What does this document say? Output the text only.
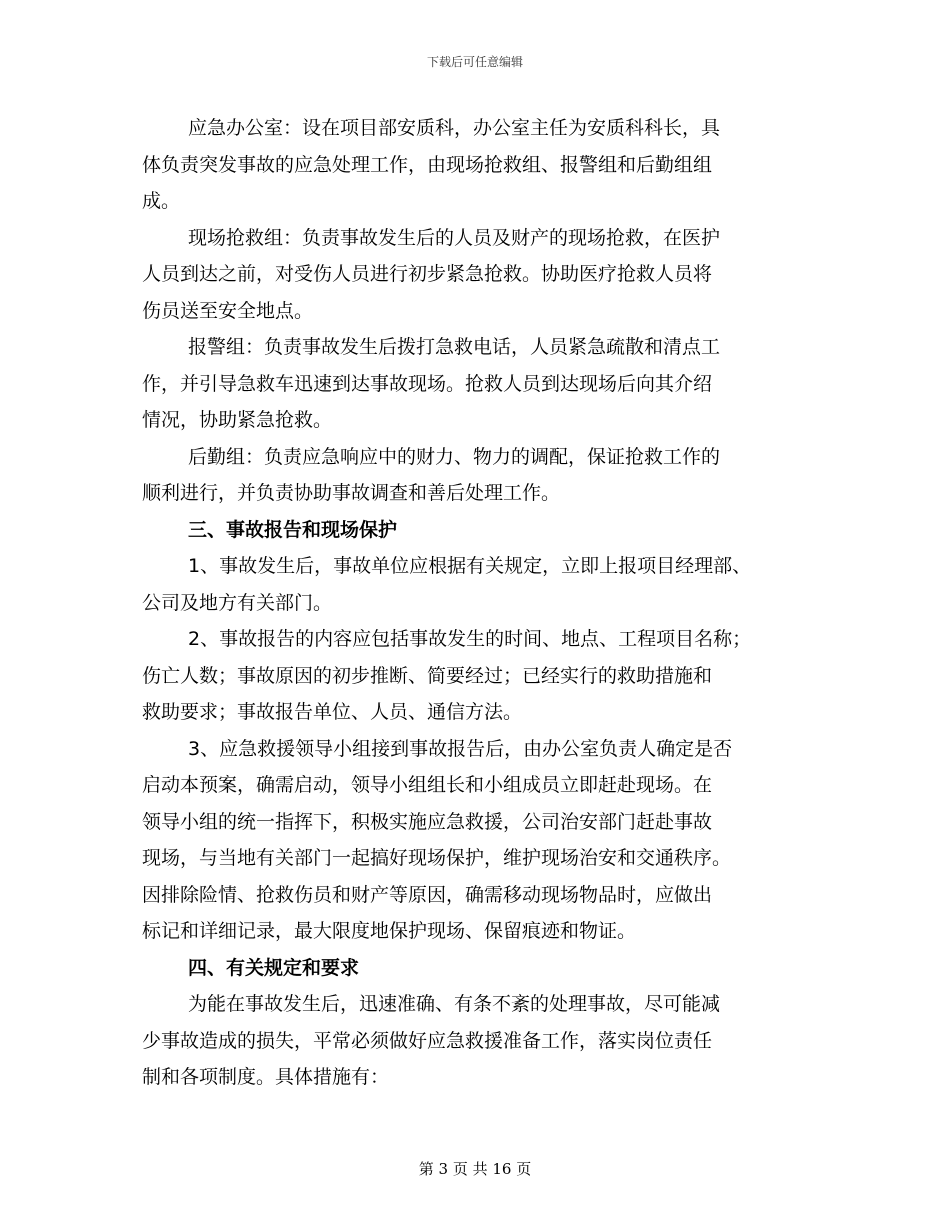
下载后可任意编辑
应急办公室：设在项目部安质科，办公室主任为安质科科长，具
体负责突发事故的应急处理工作，由现场抢救组、报警组和后勤组组
成。
现场抢救组：负责事故发生后的人员及财产的现场抢救，在医护
人员到达之前，对受伤人员进行初步紧急抢救。协助医疗抢救人员将
伤员送至安全地点。
报警组：负责事故发生后拨打急救电话，人员紧急疏散和清点工
作，并引导急救车迅速到达事故现场。抢救人员到达现场后向其介绍
情况，协助紧急抢救。
后勤组：负责应急响应中的财力、物力的调配，保证抢救工作的
顺利进行，并负责协助事故调查和善后处理工作。
三、事故报告和现场保护
1、事故发生后，事故单位应根据有关规定，立即上报项目经理部、
公司及地方有关部门。
2、事故报告的内容应包括事故发生的时间、地点、工程项目名称；
伤亡人数；事故原因的初步推断、简要经过；已经实行的救助措施和
救助要求；事故报告单位、人员、通信方法。
3、应急救援领导小组接到事故报告后，由办公室负责人确定是否
启动本预案，确需启动，领导小组组长和小组成员立即赶赴现场。在
领导小组的统一指挥下，积极实施应急救援，公司治安部门赶赴事故
现场，与当地有关部门一起搞好现场保护，维护现场治安和交通秩序。
因排除险情、抢救伤员和财产等原因，确需移动现场物品时，应做出
标记和详细记录，最大限度地保护现场、保留痕迹和物证。
四、有关规定和要求
为能在事故发生后，迅速准确、有条不紊的处理事故，尽可能减
少事故造成的损失，平常必须做好应急救援准备工作，落实岗位责任
制和各项制度。具体措施有：
第 3 页 共 16 页
